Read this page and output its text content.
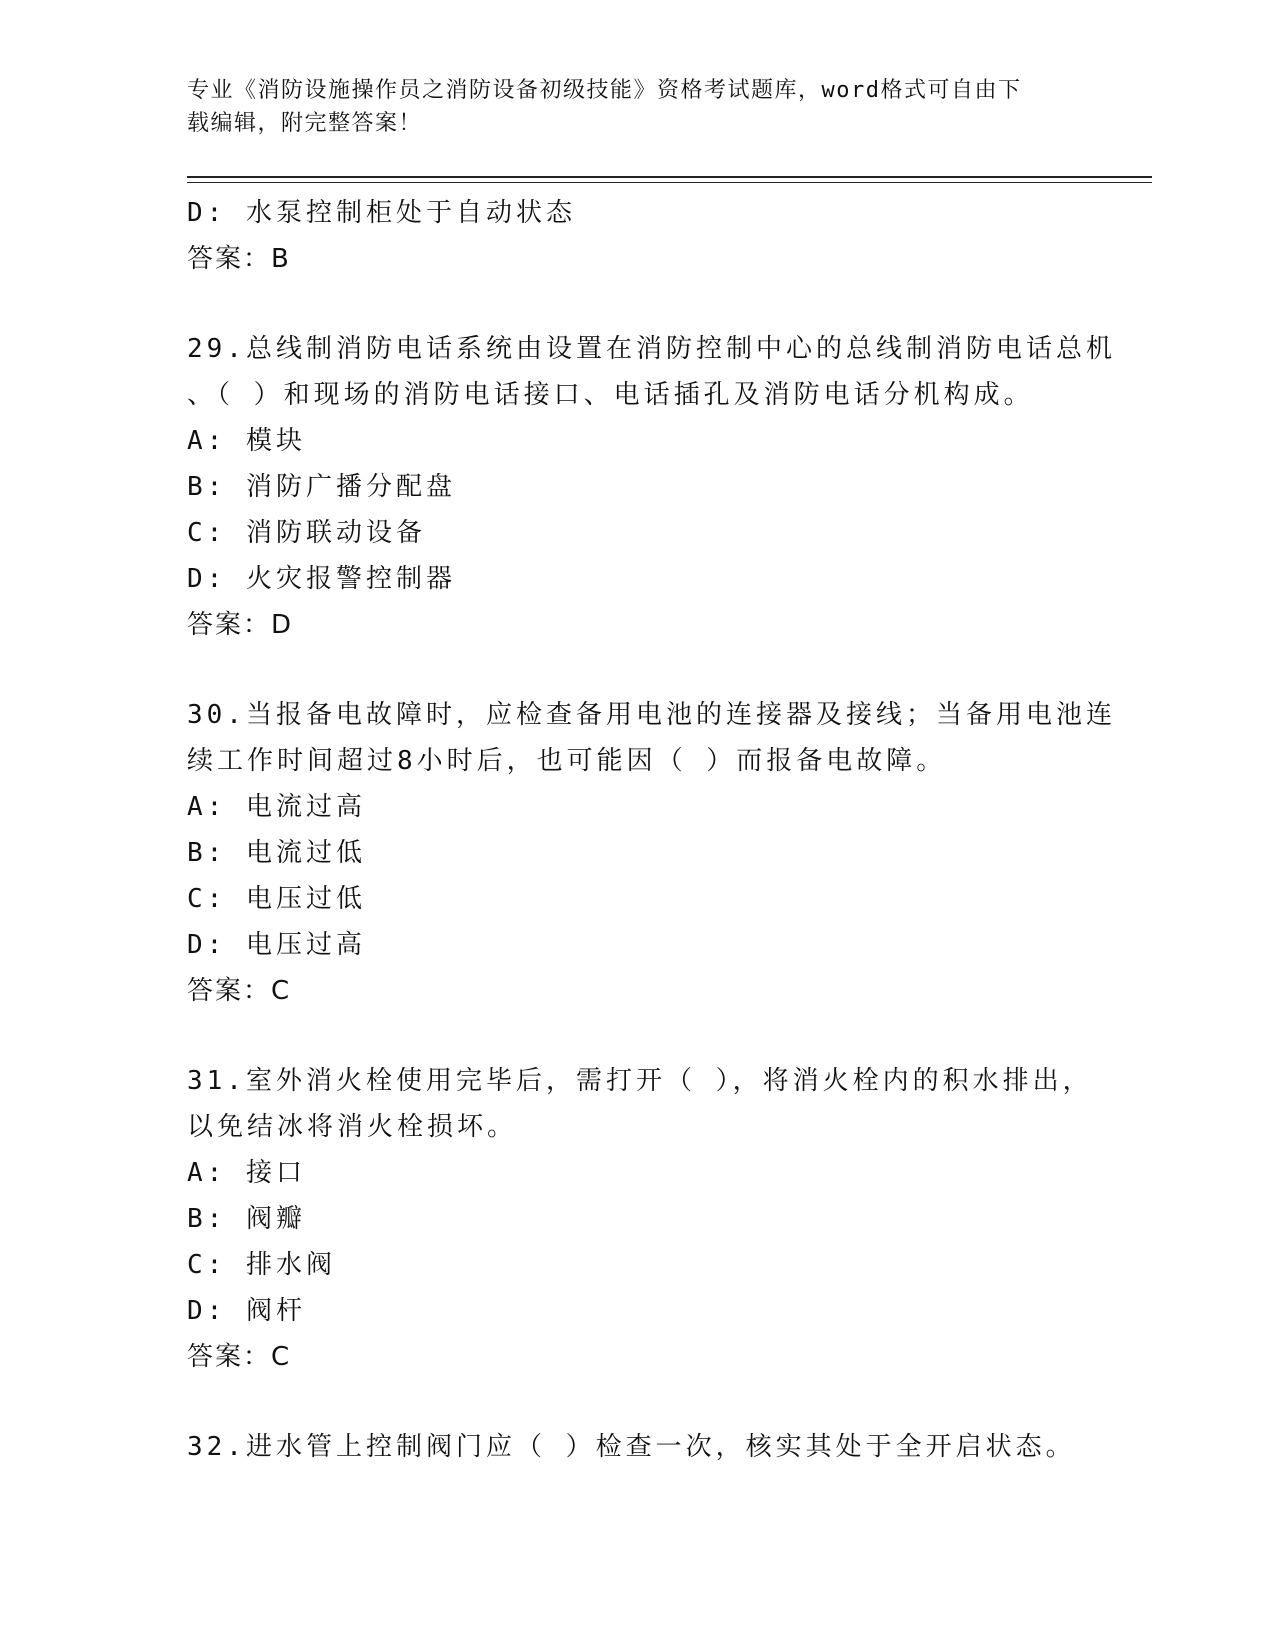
专业《消防设施操作员之消防设备初级技能》资格考试题库，word格式可自由下
载编辑，附完整答案！
D: 水泵控制柜处于自动状态
答案：B
29.总线制消防电话系统由设置在消防控制中心的总线制消防电话总机
、（ ）和现场的消防电话接口、电话插孔及消防电话分机构成。
A: 模块
B: 消防广播分配盘
C: 消防联动设备
D: 火灾报警控制器
答案：D
30.当报备电故障时，应检查备用电池的连接器及接线；当备用电池连
续工作时间超过8小时后，也可能因（ ）而报备电故障。
A: 电流过高
B: 电流过低
C: 电压过低
D: 电压过高
答案：C
31.室外消火栓使用完毕后，需打开（ ），将消火栓内的积水排出，
以免结冰将消火栓损坏。
A: 接口
B: 阀瓣
C: 排水阀
D: 阀杆
答案：C
32.进水管上控制阀门应（ ）检查一次，核实其处于全开启状态。
